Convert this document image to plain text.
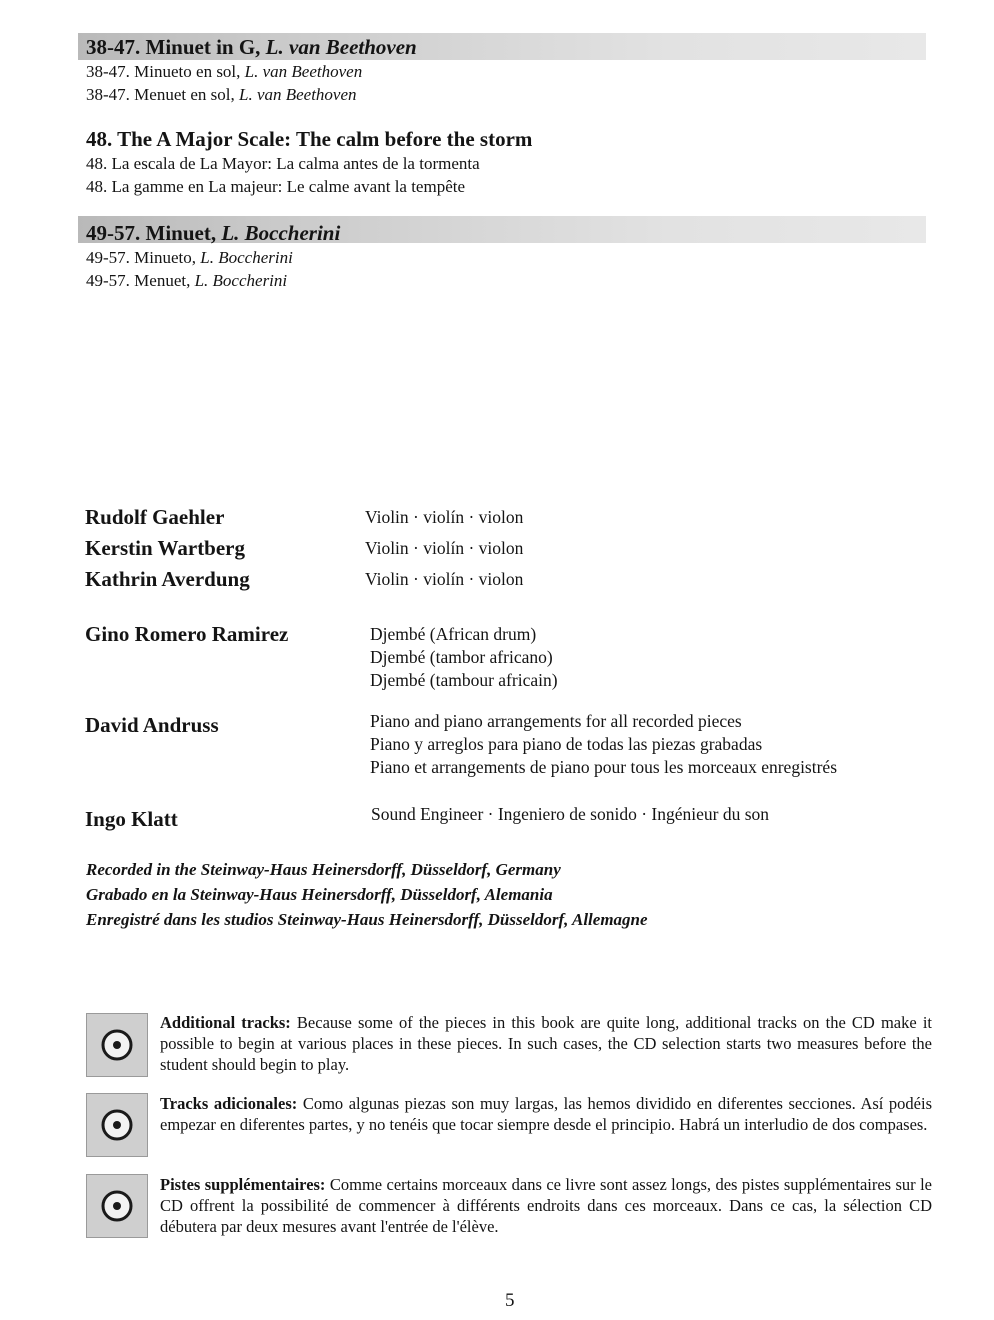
38-47. Minuet in G, L. van Beethoven
38-47. Minueto en sol, L. van Beethoven
38-47. Menuet en sol, L. van Beethoven
48. The A Major Scale: The calm before the storm
48. La escala de La Mayor: La calma antes de la tormenta
48. La gamme en La majeur: Le calme avant la tempête
49-57. Minuet, L. Boccherini
49-57. Minueto, L. Boccherini
49-57. Menuet, L. Boccherini
Rudolf Gaehler	Violin · violín · violon
Kerstin Wartberg	Violin · violín · violon
Kathrin Averdung	Violin · violín · violon
Gino Romero Ramirez	Djembé (African drum)
Djembé (tambor africano)
Djembé (tambour africain)
David Andruss	Piano and piano arrangements for all recorded pieces
Piano y arreglos para piano de todas las piezas grabadas
Piano et arrangements de piano pour tous les morceaux enregistrés
Ingo Klatt	Sound Engineer · Ingeniero de sonido · Ingénieur du son
Recorded in the Steinway-Haus Heinersdorff, Düsseldorf, Germany
Grabado en la Steinway-Haus Heinersdorff, Düsseldorf, Alemania
Enregistré dans les studios Steinway-Haus Heinersdorff, Düsseldorf, Allemagne
Additional tracks: Because some of the pieces in this book are quite long, additional tracks on the CD make it possible to begin at various places in these pieces. In such cases, the CD selection starts two measures before the student should begin to play.
Tracks adicionales: Como algunas piezas son muy largas, las hemos dividido en diferentes secciones. Así podéis empezar en diferentes partes, y no tenéis que tocar siempre desde el principio. Habrá un interludio de dos compases.
Pistes supplémentaires: Comme certains morceaux dans ce livre sont assez longs, des pistes supplémentaires sur le CD offrent la possibilité de commencer à différents endroits dans ces morceaux. Dans ce cas, la sélection CD débutera par deux mesures avant l'entrée de l'élève.
5
